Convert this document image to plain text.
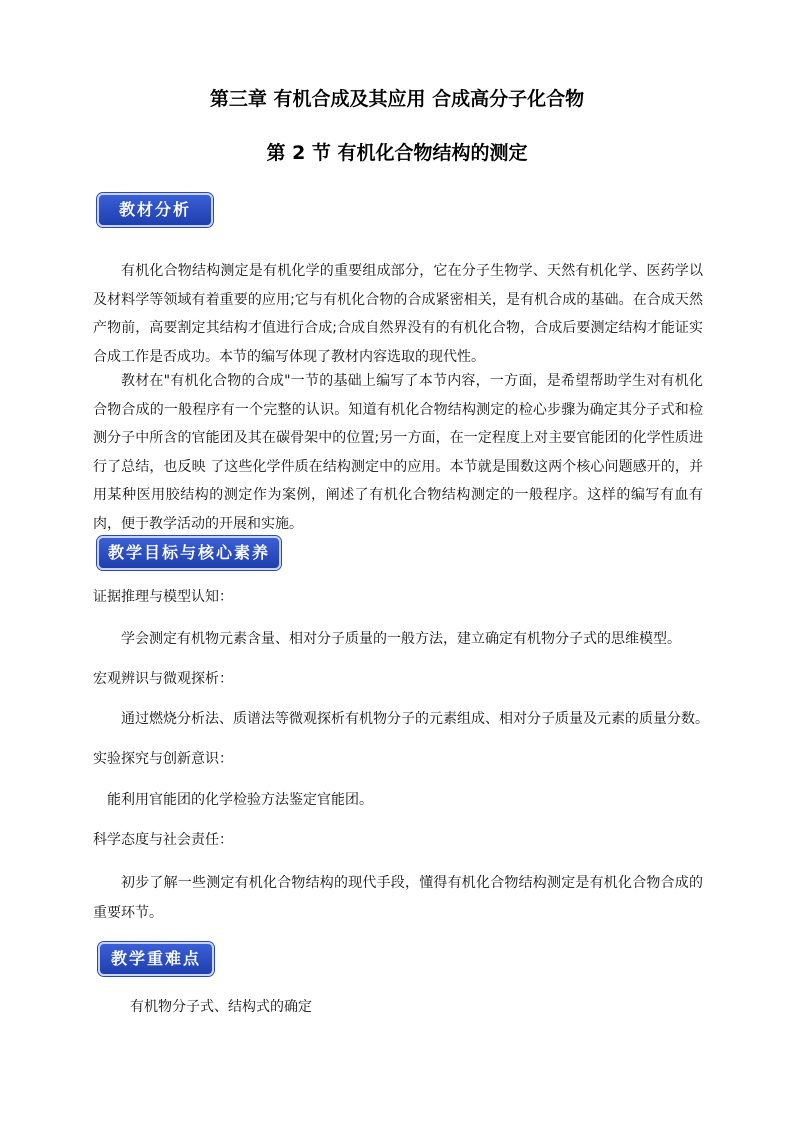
第三章 有机合成及其应用 合成高分子化合物
第 2 节 有机化合物结构的测定
教材分析

有机化合物结构测定是有机化学的重要组成部分，它在分子生物学、天然有机化学、医药学以及材料学等领域有着重要的应用;它与有机化合物的合成紧密相关，是有机合成的基础。在合成天然产物前，高要割定其结构才值进行合成;合成自然界没有的有机化合物，合成后要测定结构才能证实合成工作是否成功。本节的编写体现了教材内容选取的现代性。

教材在"有机化合物的合成"一节的基础上编写了本节内容，一方面，是希望帮助学生对有机化合物合成的一般程序有一个完整的认识。知道有机化合物结构测定的检心步骤为确定其分子式和检测分子中所含的官能团及其在碳骨架中的位置;另一方面，在一定程度上对主要官能团的化学性质进行了总结，也反映 了这些化学件质在结构测定中的应用。本节就是围数这两个核心问题感开的，并用某种医用胶结构的测定作为案例，阐述了有机化合物结构测定的一般程序。这样的编写有血有肉，便于教学活动的开展和实施。

教学目标与核心素养

证据推理与模型认知：

学会测定有机物元素含量、相对分子质量的一般方法，建立确定有机物分子式的思维模型。

宏观辨识与微观探析：

通过燃烧分析法、质谱法等微观探析有机物分子的元素组成、相对分子质量及元素的质量分数。

实验探究与创新意识：

能利用官能团的化学检验方法鉴定官能团。

科学态度与社会责任：

初步了解一些测定有机化合物结构的现代手段，懂得有机化合物结构测定是有机化合物合成的重要环节。

教学重难点

有机物分子式、结构式的确定
